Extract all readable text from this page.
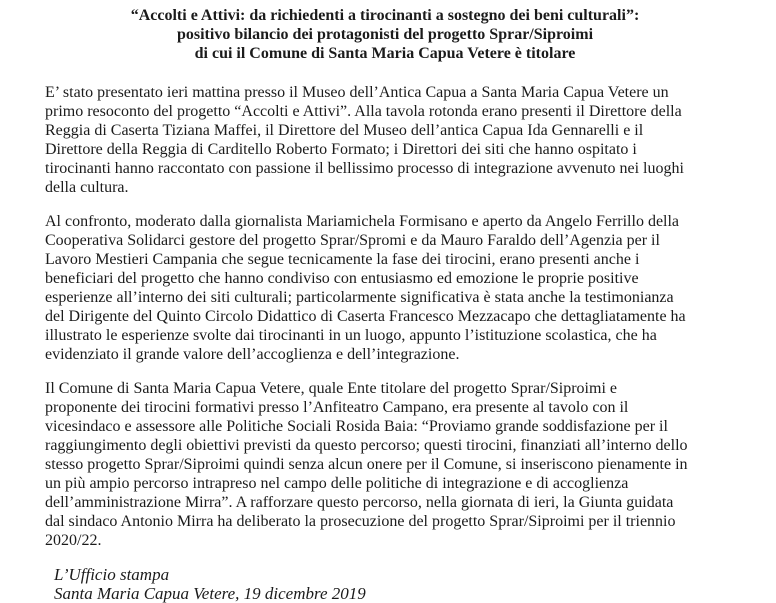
“Accolti e Attivi: da richiedenti a tirocinanti a sostegno dei beni culturali”:
positivo bilancio dei protagonisti del progetto Sprar/Siproimi
di cui il Comune di Santa Maria Capua Vetere è titolare
E’ stato presentato ieri mattina presso il Museo dell’Antica Capua a Santa Maria Capua Vetere un
primo resoconto del progetto “Accolti e Attivi”. Alla tavola rotonda erano presenti il Direttore della
Reggia di Caserta Tiziana Maffei, il Direttore del Museo dell’antica Capua Ida Gennarelli e il
Direttore della Reggia di Carditello Roberto Formato; i Direttori dei siti che hanno ospitato i
tirocinanti hanno raccontato con passione il bellissimo processo di integrazione avvenuto nei luoghi
della cultura.
Al confronto, moderato dalla giornalista Mariamichela Formisano e aperto da Angelo Ferrillo della
Cooperativa Solidarci gestore del progetto Sprar/Spromi e da Mauro Faraldo dell’Agenzia per il
Lavoro Mestieri Campania che segue tecnicamente la fase dei tirocini, erano presenti anche i
beneficiari del progetto che hanno condiviso con entusiasmo ed emozione le proprie positive
esperienze all’interno dei siti culturali; particolarmente significativa è stata anche la testimonianza
del Dirigente del Quinto Circolo Didattico di Caserta Francesco Mezzacapo che dettagliatamente ha
illustrato le esperienze svolte dai tirocinanti in un luogo, appunto l’istituzione scolastica, che ha
evidenziato il grande valore dell’accoglienza e dell’integrazione.
Il Comune di Santa Maria Capua Vetere, quale Ente titolare del progetto Sprar/Siproimi e
proponente dei tirocini formativi presso l’Anfiteatro Campano, era presente al tavolo con il
vicesindaco e assessore alle Politiche Sociali Rosida Baia: “Proviamo grande soddisfazione per il
raggiungimento degli obiettivi previsti da questo percorso; questi tirocini, finanziati all’interno dello
stesso progetto Sprar/Siproimi quindi senza alcun onere per il Comune, si inseriscono pienamente in
un più ampio percorso intrapreso nel campo delle politiche di integrazione e di accoglienza
dell’amministrazione Mirra”. A rafforzare questo percorso, nella giornata di ieri, la Giunta guidata
dal sindaco Antonio Mirra ha deliberato la prosecuzione del progetto Sprar/Siproimi per il triennio
2020/22.
L’Ufficio stampa
Santa Maria Capua Vetere, 19 dicembre 2019
